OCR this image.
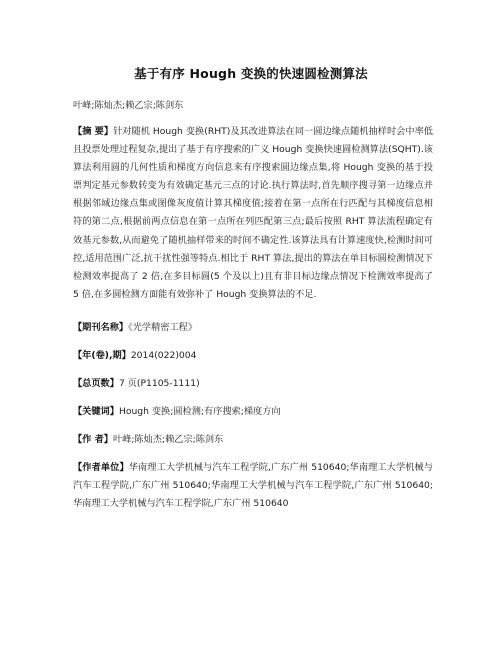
基于有序 Hough 变换的快速圆检测算法
叶峰;陈灿杰;赖乙宗;陈剑东
【摘 要】针对随机 Hough 变换(RHT)及其改进算法在同一圆边缘点随机抽样时会中率低且投票处理过程复杂,提出了基于有序搜索的广义 Hough 变换快速圆检测算法(SQHT).该算法利用圆的几何性质和梯度方向信息来有序搜索圆边缘点集,将 Hough 变换的基于投票判定基元参数转变为有效确定基元三点的讨论.执行算法时,首先顺序搜寻第一边缘点并根据邻域边缘点集或图像灰度值计算其梯度值;接着在第一点所在行匹配与其梯度信息相符的第二点,根据前两点信息在第一点所在列匹配第三点;最后按照 RHT 算法流程确定有效基元参数,从而避免了随机抽样带来的时间不确定性.该算法具有计算速度快,检测时间可控,适用范围广泛,抗干扰性强等特点.相比于 RHT 算法,提出的算法在单目标圆检测情况下检测效率提高了 2 倍,在多目标圆(5 个及以上)且有非目标边缘点情况下检测效率提高了 5 倍,在多圆检测方面能有效弥补了 Hough 变换算法的不足.
【期刊名称】《光学精密工程》
【年(卷),期】2014(022)004
【总页数】7 页(P1105-1111)
【关键词】Hough 变换;圆检测;有序搜索;梯度方向
【作 者】叶峰;陈灿杰;赖乙宗;陈剑东
【作者单位】华南理工大学机械与汽车工程学院,广东广州 510640;华南理工大学机械与汽车工程学院,广东广州 510640;华南理工大学机械与汽车工程学院,广东广州 510640;华南理工大学机械与汽车工程学院,广东广州 510640
